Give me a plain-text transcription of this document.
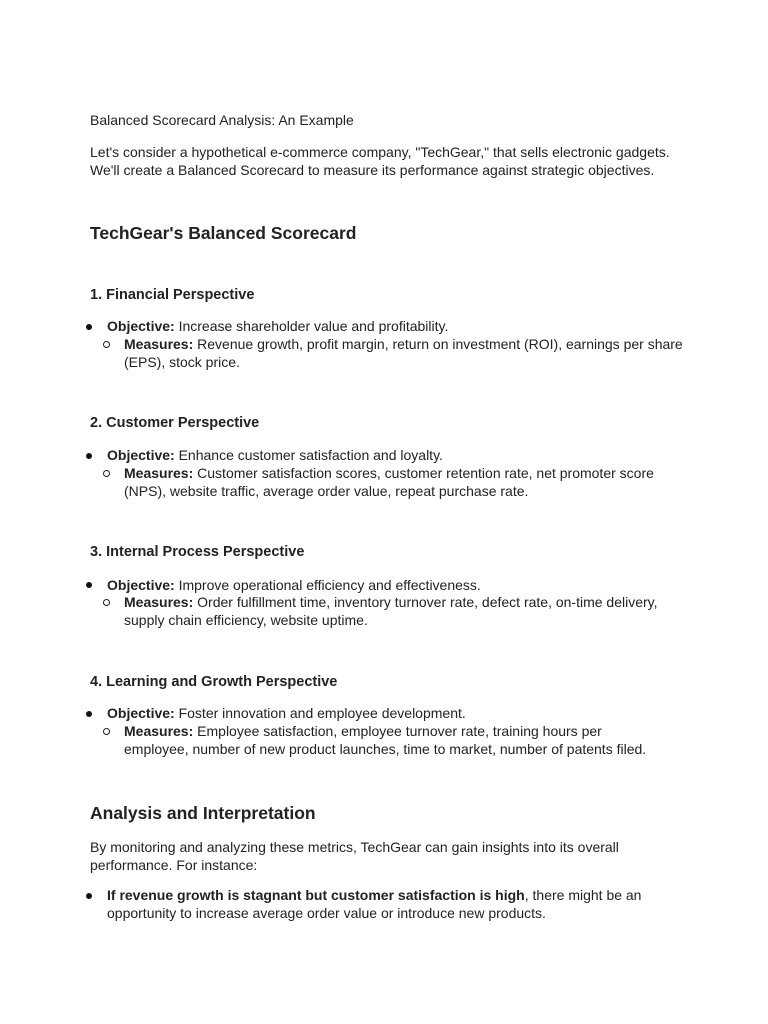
Balanced Scorecard Analysis: An Example

Let's consider a hypothetical e-commerce company, "TechGear," that sells electronic gadgets. We'll create a Balanced Scorecard to measure its performance against strategic objectives.

TechGear's Balanced Scorecard
1. Financial Perspective

Objective: Increase shareholder value and profitability.

Measures: Revenue growth, profit margin, return on investment (ROI), earnings per share (EPS), stock price.

2. Customer Perspective

Objective: Enhance customer satisfaction and loyalty.

Measures: Customer satisfaction scores, customer retention rate, net promoter score (NPS), website traffic, average order value, repeat purchase rate.

3. Internal Process Perspective

Objective: Improve operational efficiency and effectiveness.

Measures: Order fulfillment time, inventory turnover rate, defect rate, on-time delivery, supply chain efficiency, website uptime.

4. Learning and Growth Perspective

Objective: Foster innovation and employee development.

Measures: Employee satisfaction, employee turnover rate, training hours per employee, number of new product launches, time to market, number of patents filed.

Analysis and Interpretation

By monitoring and analyzing these metrics, TechGear can gain insights into its overall performance. For instance:

If revenue growth is stagnant but customer satisfaction is high, there might be an opportunity to increase average order value or introduce new products.
